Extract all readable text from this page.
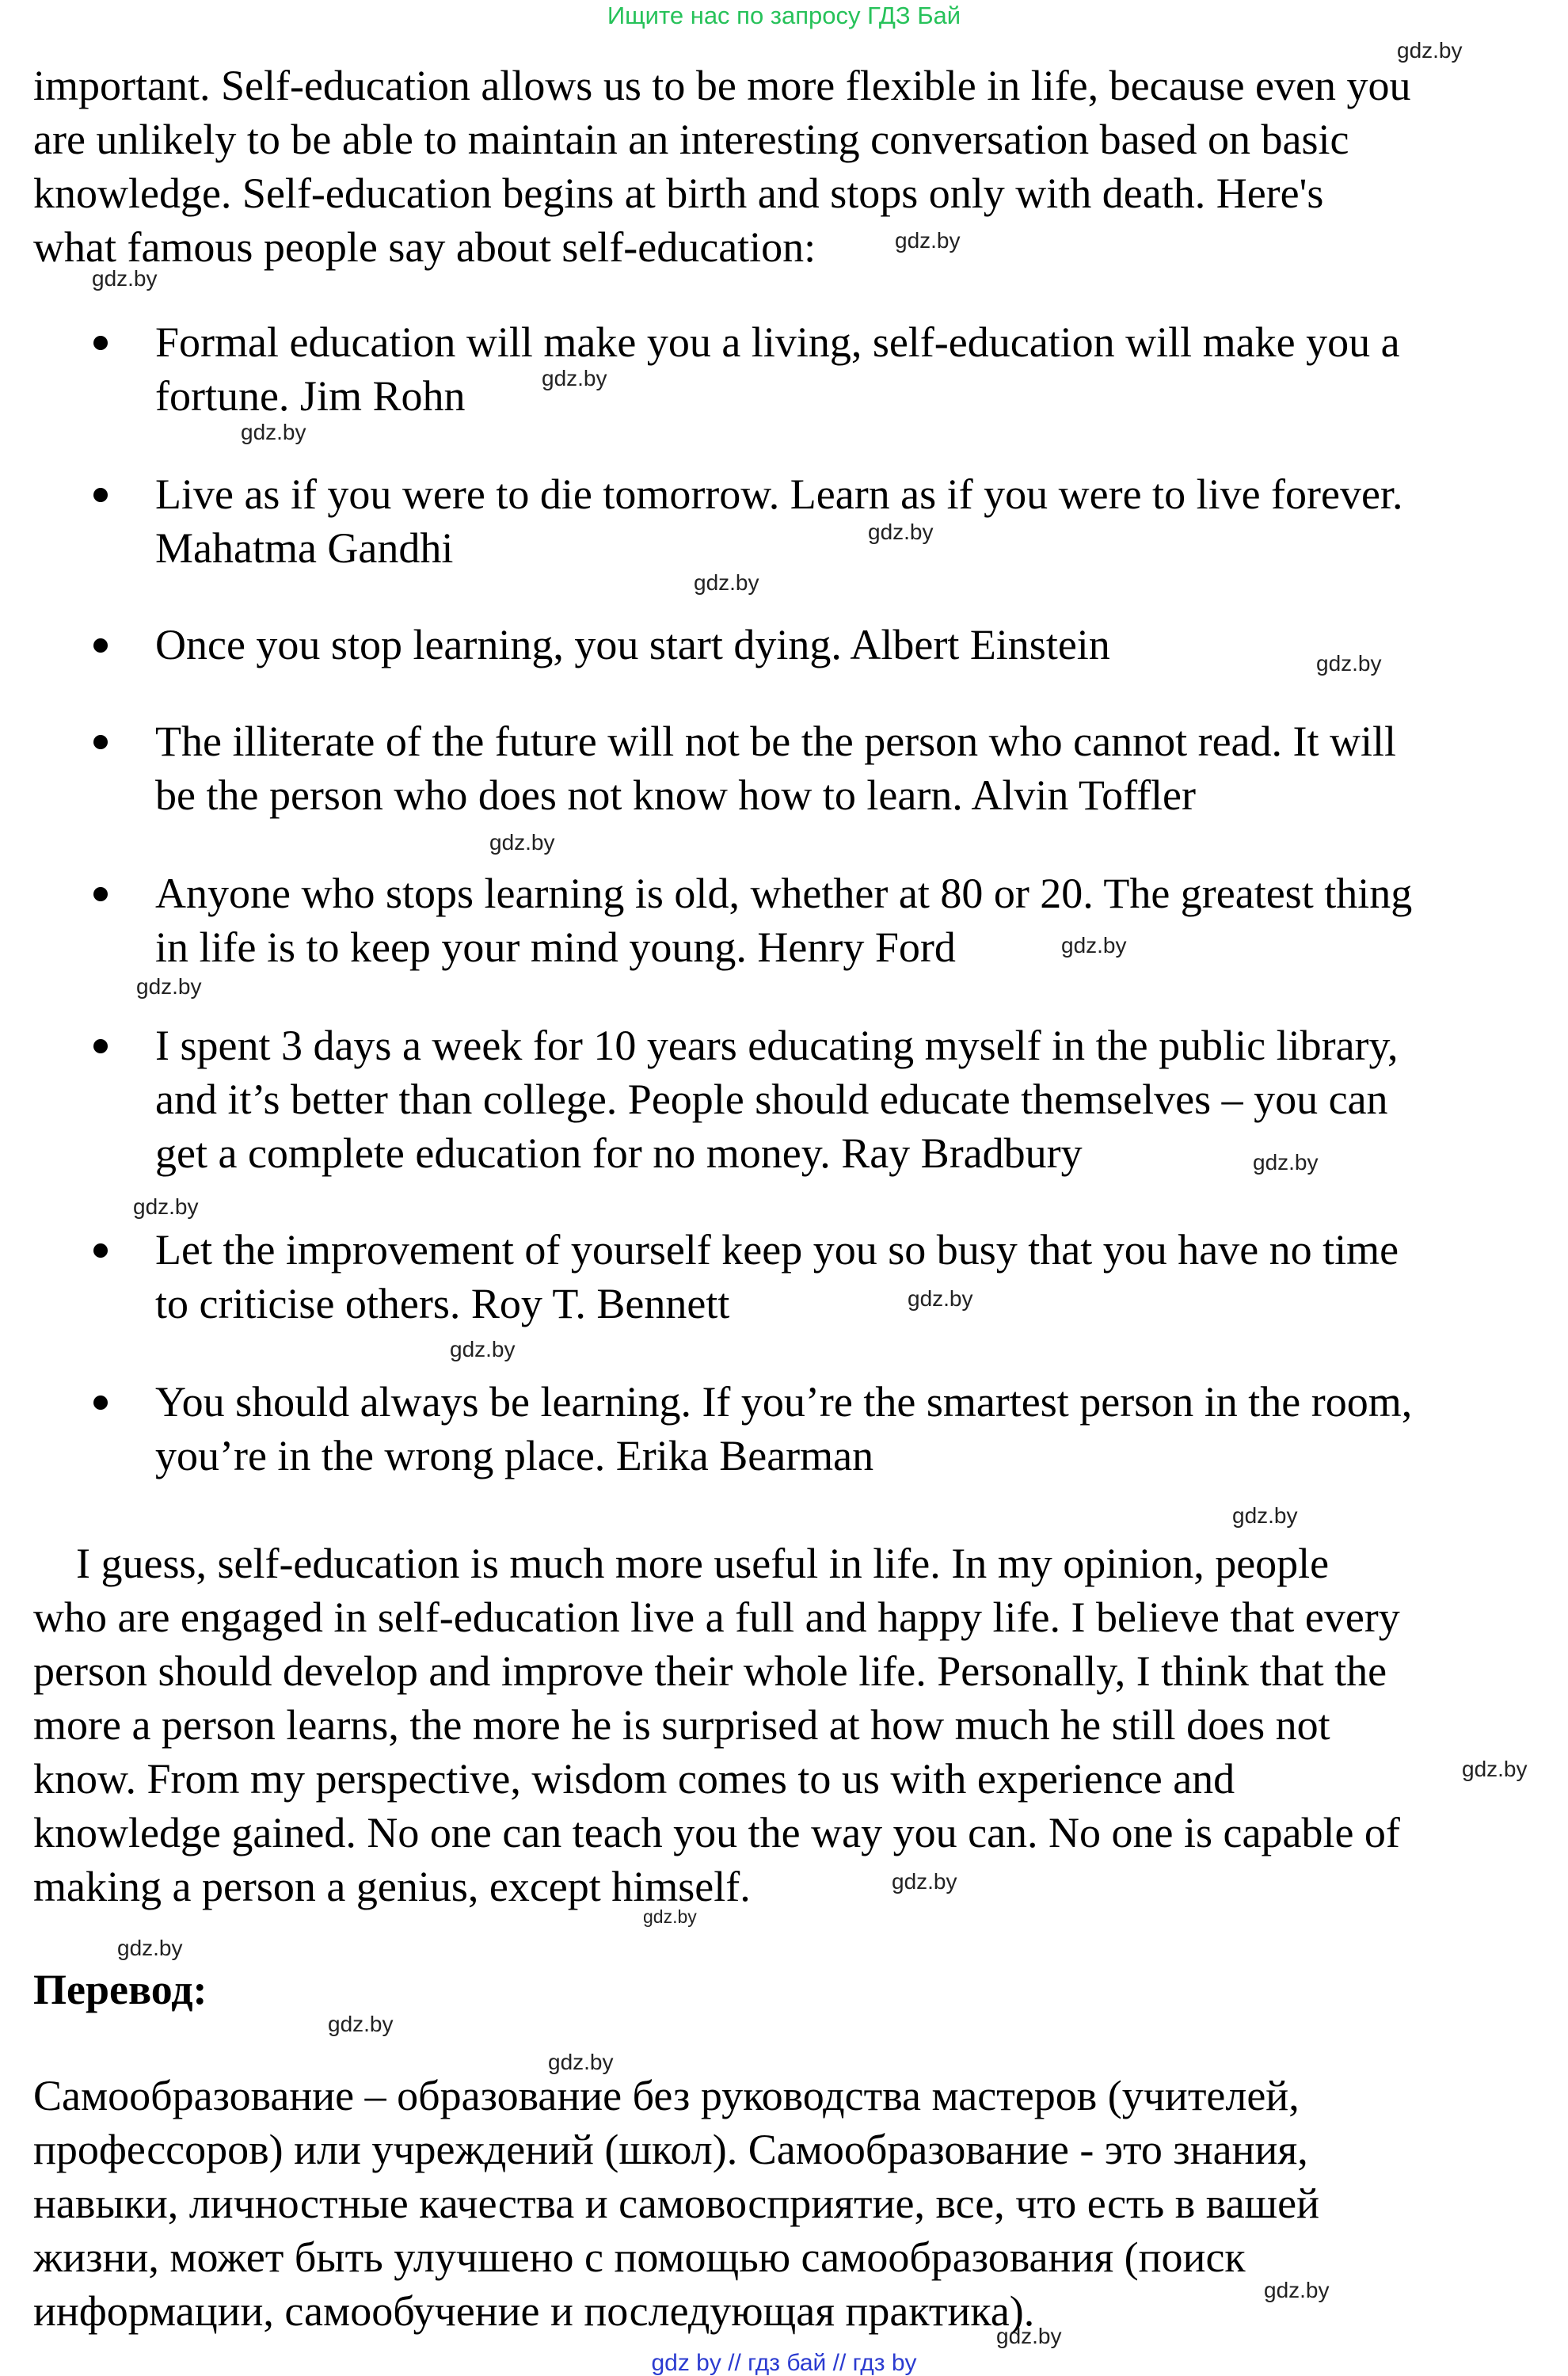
Ищите нас по запросу ГДЗ Бай

important. Self-education allows us to be more flexible in life, because even you

are unlikely to be able to maintain an interesting conversation based on basic

knowledge. Self-education begins at birth and stops only with death. Here's

what famous people say about self-education:

Formal education will make you a living, self-education will make you a
fortune. Jim Rohn
Live as if you were to die tomorrow. Learn as if you were to live forever.
Mahatma Gandhi
Once you stop learning, you start dying. Albert Einstein
The illiterate of the future will not be the person who cannot read. It will
be the person who does not know how to learn. Alvin Toffler
Anyone who stops learning is old, whether at 80 or 20. The greatest thing
in life is to keep your mind young. Henry Ford
I spent 3 days a week for 10 years educating myself in the public library,
and it’s better than college. People should educate themselves – you can
get a complete education for no money. Ray Bradbury
Let the improvement of yourself keep you so busy that you have no time
to criticise others. Roy T. Bennett
You should always be learning. If you’re the smartest person in the room,
you’re in the wrong place. Erika Bearman

I guess, self-education is much more useful in life. In my opinion, people

who are engaged in self-education live a full and happy life. I believe that every

person should develop and improve their whole life. Personally, I think that the

more a person learns, the more he is surprised at how much he still does not

know. From my perspective, wisdom comes to us with experience and

knowledge gained. No one can teach you the way you can. No one is capable of

making a person a genius, except himself.

Перевод:

Самообразование – образование без руководства мастеров (учителей,

профессоров) или учреждений (школ). Самообразование - это знания,

навыки, личностные качества и самовосприятие, все, что есть в вашей

жизни, может быть улучшено с помощью самообразования (поиск

информации, самообучение и последующая практика).

gdz.by
gdz.by
gdz.by
gdz.by
gdz.by
gdz.by
gdz.by
gdz.by
gdz.by
gdz.by
gdz.by
gdz.by
gdz.by
gdz.by
gdz.by
gdz.by
gdz.by
gdz.by
gdz.by
gdz.by
gdz.by
gdz.by
gdz.by
gdz.by
gdz by // гдз бай // гдз by
